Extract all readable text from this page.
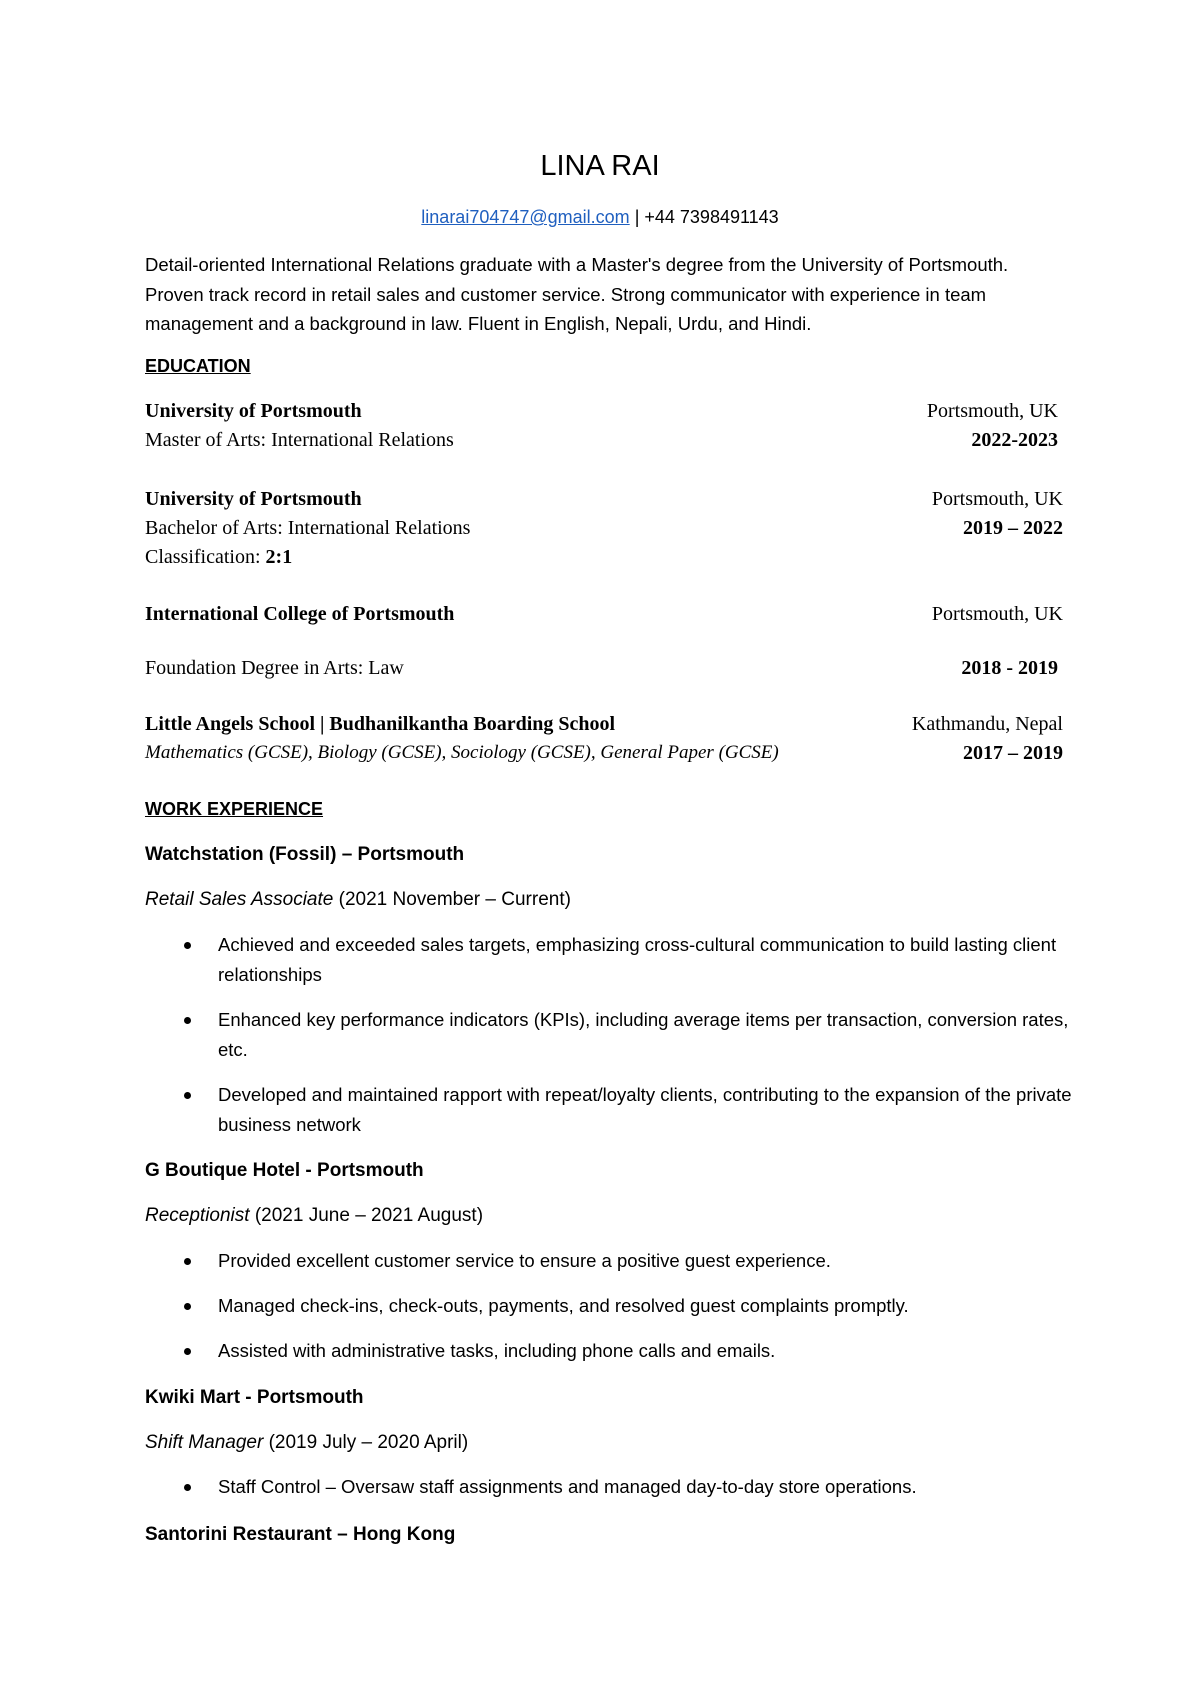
LINA RAI
linarai704747@gmail.com | +44 7398491143
Detail-oriented International Relations graduate with a Master's degree from the University of Portsmouth. Proven track record in retail sales and customer service. Strong communicator with experience in team management and a background in law. Fluent in English, Nepali, Urdu, and Hindi.
EDUCATION
University of Portsmouth	Portsmouth, UK
Master of Arts: International Relations	2022-2023
University of Portsmouth	Portsmouth, UK
Bachelor of Arts: International Relations	2019 – 2022
Classification: 2:1
International College of Portsmouth	Portsmouth, UK
Foundation Degree in Arts: Law	2018 - 2019
Little Angels School | Budhanilkantha Boarding School	Kathmandu, Nepal
Mathematics (GCSE), Biology (GCSE), Sociology (GCSE), General Paper (GCSE)	2017 – 2019
WORK EXPERIENCE
Watchstation (Fossil) – Portsmouth
Retail Sales Associate (2021 November – Current)
Achieved and exceeded sales targets, emphasizing cross-cultural communication to build lasting client relationships
Enhanced key performance indicators (KPIs), including average items per transaction, conversion rates, etc.
Developed and maintained rapport with repeat/loyalty clients, contributing to the expansion of the private business network
G Boutique Hotel - Portsmouth
Receptionist (2021 June – 2021 August)
Provided excellent customer service to ensure a positive guest experience.
Managed check-ins, check-outs, payments, and resolved guest complaints promptly.
Assisted with administrative tasks, including phone calls and emails.
Kwiki Mart - Portsmouth
Shift Manager (2019 July – 2020 April)
Staff Control – Oversaw staff assignments and managed day-to-day store operations.
Santorini Restaurant – Hong Kong
